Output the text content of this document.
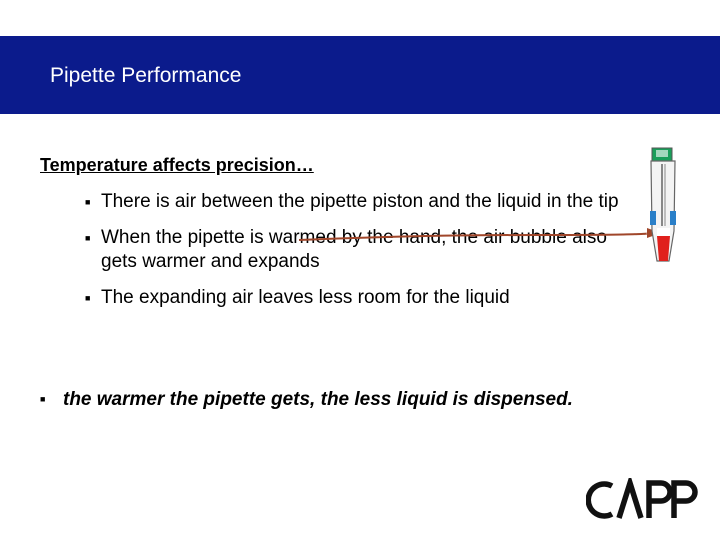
Pipette Performance
Temperature affects precision…
■ There is air between the pipette piston and the liquid in the tip
■ When the pipette is warmed by the hand, the air bubble also gets warmer and expands
■ The expanding air leaves less room for the liquid
■ the warmer the pipette gets, the less liquid is dispensed.
